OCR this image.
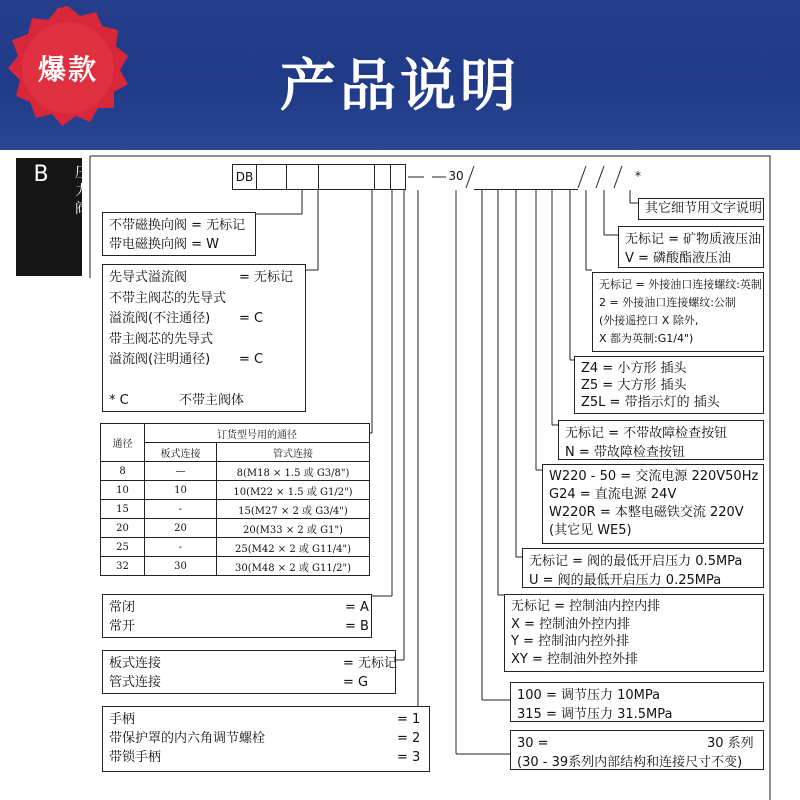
爆款	产品说明
B	压力阀
DB	30	*
其它细节用文字说明
无标记 = 矿物质液压油
V = 磷酸酯液压油
无标记 = 外接油口连接螺纹:英制
2 = 外接油口连接螺纹:公制
(外接遥控口 X 除外,
X 都为英制:G1/4")
Z4 = 小方形 插头
Z5 = 大方形 插头
Z5L = 带指示灯的 插头
无标记 = 不带故障检查按钮
N = 带故障检查按钮
W220 - 50 = 交流电源 220V50Hz
G24 = 直流电源 24V
W220R = 本整电磁铁交流 220V
(其它见 WE5)
无标记 = 阀的最低开启压力 0.5MPa
U = 阀的最低开启压力 0.25MPa
无标记 = 控制油内控内排
X = 控制油外控内排
Y = 控制油内控外排
XY = 控制油外控外排
100 = 调节压力 10MPa
315 = 调节压力 31.5MPa
30 =	30 系列
(30 - 39系列内部结构和连接尺寸不变)
不带磁换向阀 = 无标记
带电磁换向阀 = W
先导式溢流阀	= 无标记
不带主阀芯的先导式
溢流阀(不注通径) = C
带主阀芯的先导式
溢流阀(注明通径) = C

* C	不带主阀体
通径	订货型号用的通径	
	板式连接	管式连接
8	—	8(M18 × 1.5 或 G3/8")
10	10	10(M22 × 1.5 或 G1/2")
15	-	15(M27 × 2 或 G3/4")
20	20	20(M33 × 2 或 G1")
25	-	25(M42 × 2 或 G11/4")
32	30	30(M48 × 2 或 G11/2")
常闭	= A
常开	= B
板式连接	= 无标记
管式连接	= G
手柄	= 1
带保护罩的内六角调节螺栓	= 2
带锁手柄	= 3
